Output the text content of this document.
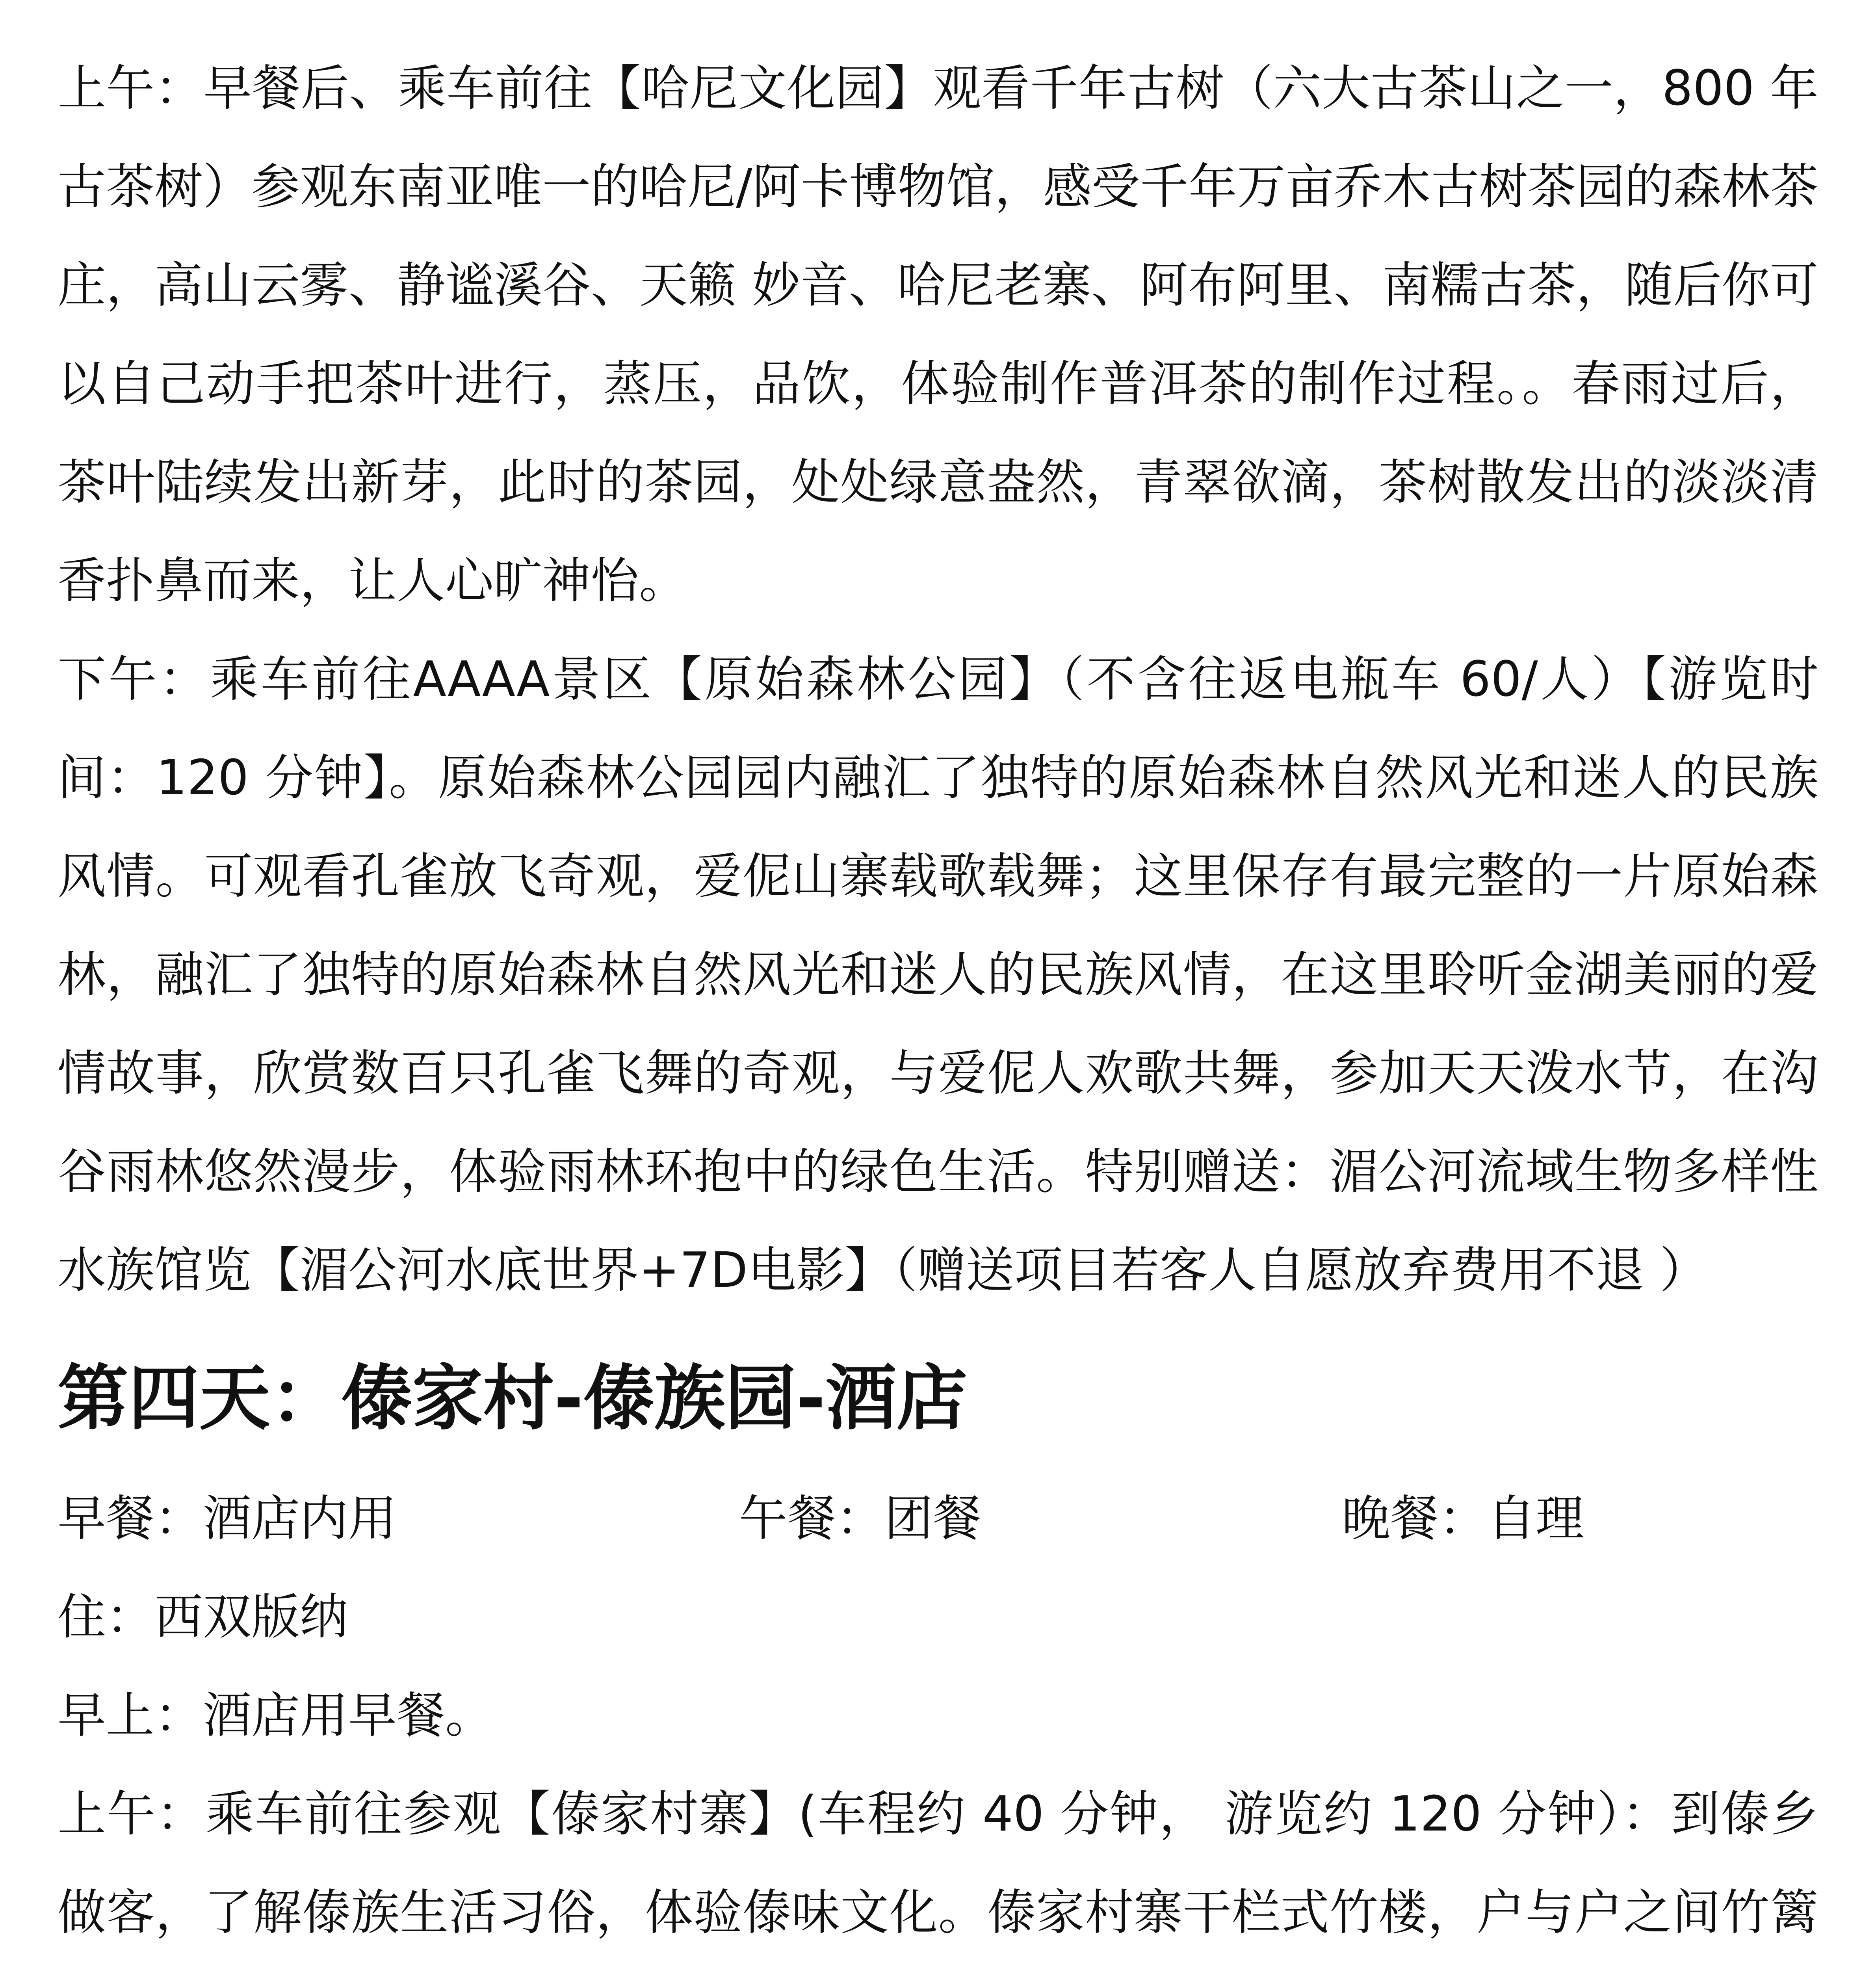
上午：早餐后、乘车前往【哈尼文化园】观看千年古树（六大古茶山之一，800 年古茶树）参观东南亚唯一的哈尼/阿卡博物馆，感受千年万亩乔木古树茶园的森林茶庄，高山云雾、静谧溪谷、天籁 妙音、哈尼老寨、阿布阿里、南糯古茶，随后你可以自己动手把茶叶进行，蒸压，品饮，体验制作普洱茶的制作过程。。春雨过后，茶叶陆续发出新芽，此时的茶园，处处绿意盎然，青翠欲滴，茶树散发出的淡淡清香扑鼻而来，让人心旷神怡。

下午：乘车前往AAAA景区【原始森林公园】（不含往返电瓶车 60/人）【游览时间：120 分钟】。原始森林公园园内融汇了独特的原始森林自然风光和迷人的民族风情。可观看孔雀放飞奇观，爱伲山寨载歌载舞；这里保存有最完整的一片原始森林，融汇了独特的原始森林自然风光和迷人的民族风情，在这里聆听金湖美丽的爱情故事，欣赏数百只孔雀飞舞的奇观，与爱伲人欢歌共舞，参加天天泼水节，在沟谷雨林悠然漫步，体验雨林环抱中的绿色生活。特别赠送：湄公河流域生物多样性水族馆览【湄公河水底世界+7D电影】（赠送项目若客人自愿放弃费用不退 ）

第四天：傣家村-傣族园-酒店
早餐：酒店内用	午餐：团餐	晚餐：自理

住：西双版纳

早上：酒店用早餐。

上午：乘车前往参观【傣家村寨】(车程约 40 分钟， 游览约 120 分钟）：到傣乡做客，了解傣族生活习俗，体验傣味文化。傣家村寨干栏式竹楼，户与户之间竹篱
